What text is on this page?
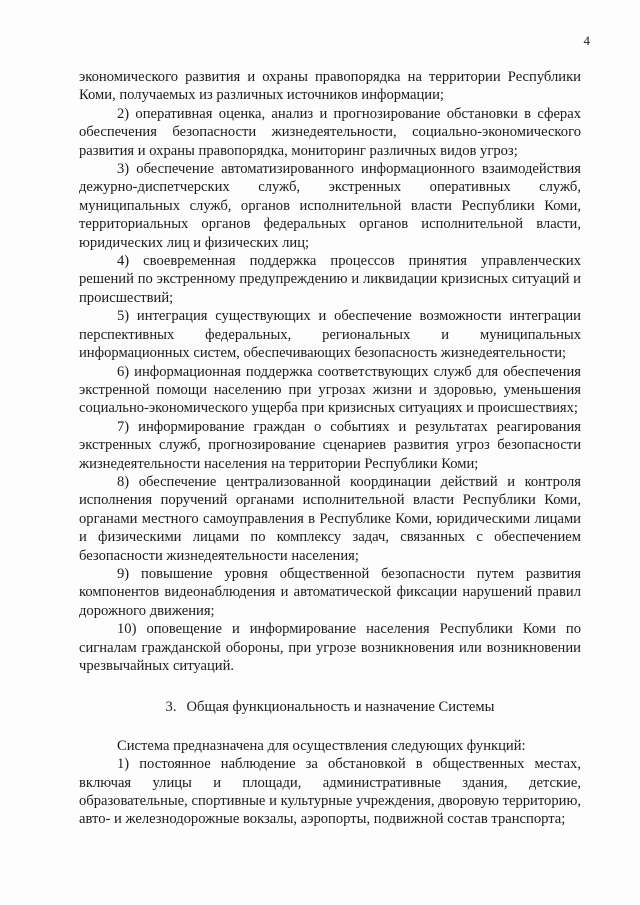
4

экономического развития и охраны правопорядка на территории Республики Коми, получаемых из различных источников информации;

2) оперативная оценка, анализ и прогнозирование обстановки в сферах обеспечения безопасности жизнедеятельности, социально-экономического развития и охраны правопорядка, мониторинг различных видов угроз;

3) обеспечение автоматизированного информационного взаимодействия дежурно-диспетчерских служб, экстренных оперативных служб, муниципальных служб, органов исполнительной власти Республики Коми, территориальных органов федеральных органов исполнительной власти, юридических лиц и физических лиц;

4) своевременная поддержка процессов принятия управленческих решений по экстренному предупреждению и ликвидации кризисных ситуаций и происшествий;

5) интеграция существующих и обеспечение возможности интеграции перспективных федеральных, региональных и муниципальных информационных систем, обеспечивающих безопасность жизнедеятельности;

6) информационная поддержка соответствующих служб для обеспечения экстренной помощи населению при угрозах жизни и здоровью, уменьшения социально-экономического ущерба при кризисных ситуациях и происшествиях;

7) информирование граждан о событиях и результатах реагирования экстренных служб, прогнозирование сценариев развития угроз безопасности жизнедеятельности населения на территории Республики Коми;

8) обеспечение централизованной координации действий и контроля исполнения поручений органами исполнительной власти Республики Коми, органами местного самоуправления в Республике Коми, юридическими лицами и физическими лицами по комплексу задач, связанных с обеспечением безопасности жизнедеятельности населения;

9) повышение уровня общественной безопасности путем развития компонентов видеонаблюдения и автоматической фиксации нарушений правил дорожного движения;

10) оповещение и информирование населения Республики Коми по сигналам гражданской обороны, при угрозе возникновения или возникновении чрезвычайных ситуаций.

3. Общая функциональность и назначение Системы

Система предназначена для осуществления следующих функций:

1) постоянное наблюдение за обстановкой в общественных местах, включая улицы и площади, административные здания, детские, образовательные, спортивные и культурные учреждения, дворовую территорию, авто- и железнодорожные вокзалы, аэропорты, подвижной состав транспорта;
